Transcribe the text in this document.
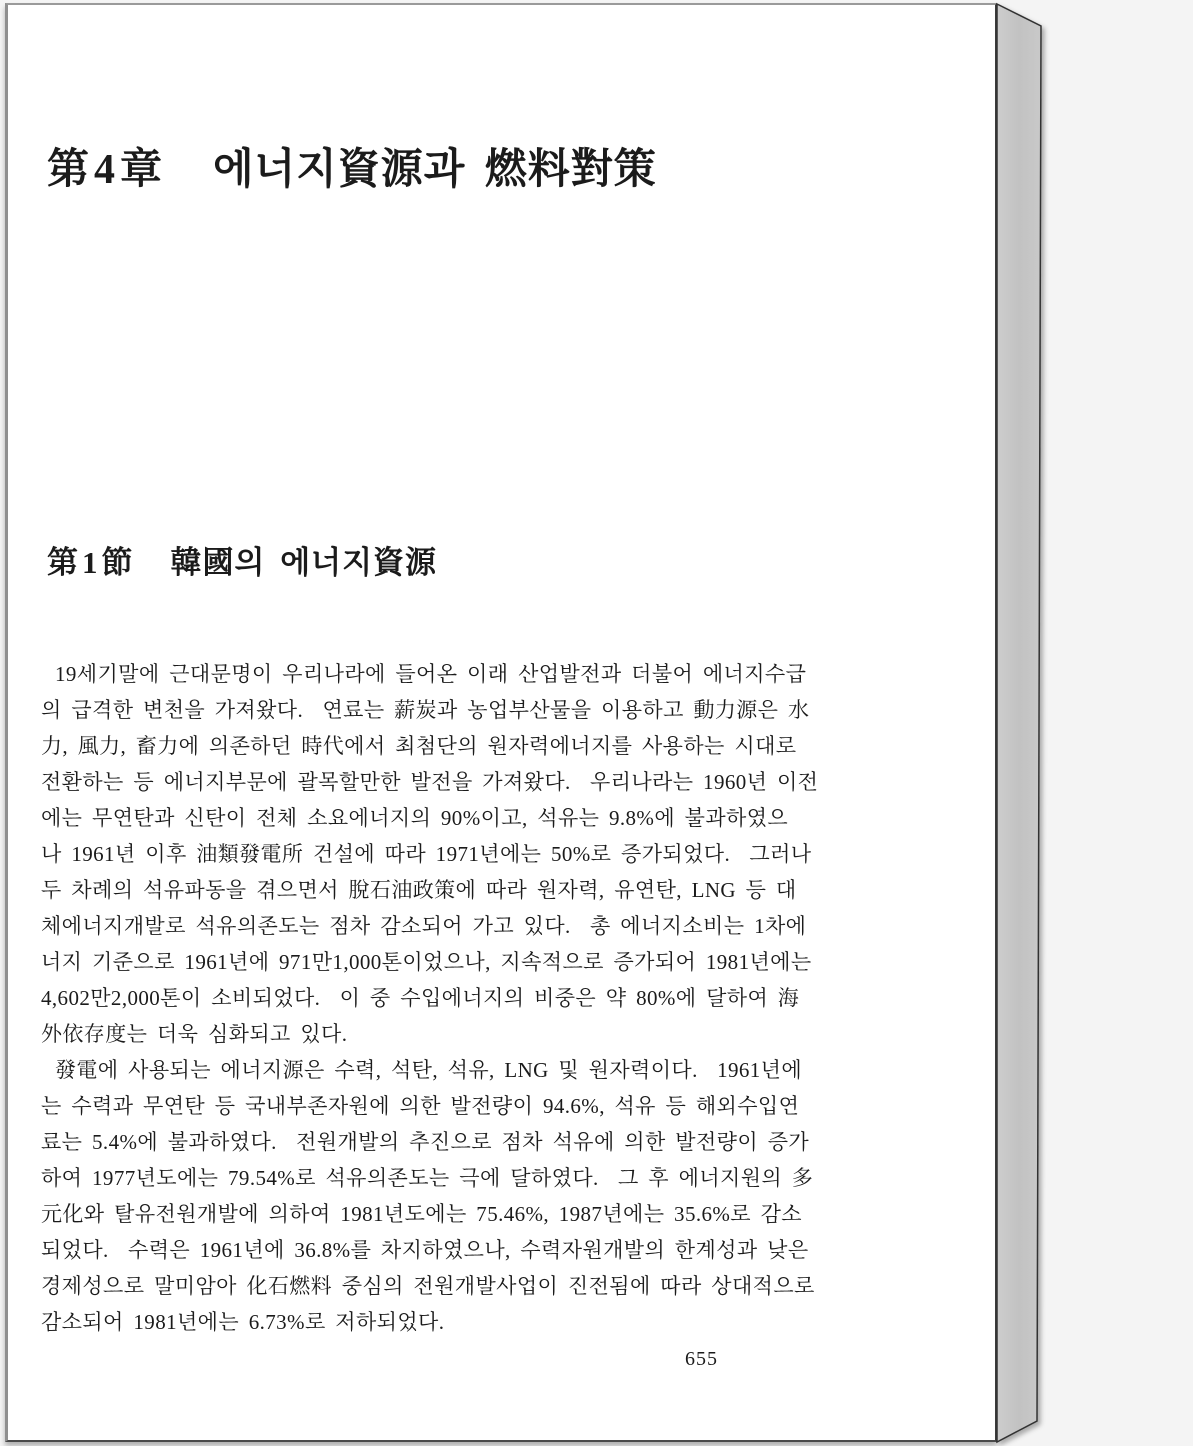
第4章 에너지資源과 燃料對策
第1節 韓國의 에너지資源
19세기말에 근대문명이 우리나라에 들어온 이래 산업발전과 더불어 에너지수급
의 급격한 변천을 가져왔다.  연료는 薪炭과 농업부산물을 이용하고 動力源은 水
力, 風力, 畜力에 의존하던 時代에서 최첨단의 원자력에너지를 사용하는 시대로
전환하는 등 에너지부문에 괄목할만한 발전을 가져왔다.  우리나라는 1960년 이전
에는 무연탄과 신탄이 전체 소요에너지의 90%이고, 석유는 9.8%에 불과하였으
나 1961년 이후 油類發電所 건설에 따라 1971년에는 50%로 증가되었다.  그러나
두 차례의 석유파동을 겪으면서 脫石油政策에 따라 원자력, 유연탄, LNG 등 대
체에너지개발로 석유의존도는 점차 감소되어 가고 있다.  총 에너지소비는 1차에
너지 기준으로 1961년에 971만1,000톤이었으나, 지속적으로 증가되어 1981년에는
4,602만2,000톤이 소비되었다.  이 중 수입에너지의 비중은 약 80%에 달하여 海
外依存度는 더욱 심화되고 있다.
發電에 사용되는 에너지源은 수력, 석탄, 석유, LNG 및 원자력이다.  1961년에
는 수력과 무연탄 등 국내부존자원에 의한 발전량이 94.6%, 석유 등 해외수입연
료는 5.4%에 불과하였다.  전원개발의 추진으로 점차 석유에 의한 발전량이 증가
하여 1977년도에는 79.54%로 석유의존도는 극에 달하였다.  그 후 에너지원의 多
元化와 탈유전원개발에 의하여 1981년도에는 75.46%, 1987년에는 35.6%로 감소
되었다.  수력은 1961년에 36.8%를 차지하였으나, 수력자원개발의 한계성과 낮은
경제성으로 말미암아 化石燃料 중심의 전원개발사업이 진전됨에 따라 상대적으로
감소되어 1981년에는 6.73%로 저하되었다.
655
